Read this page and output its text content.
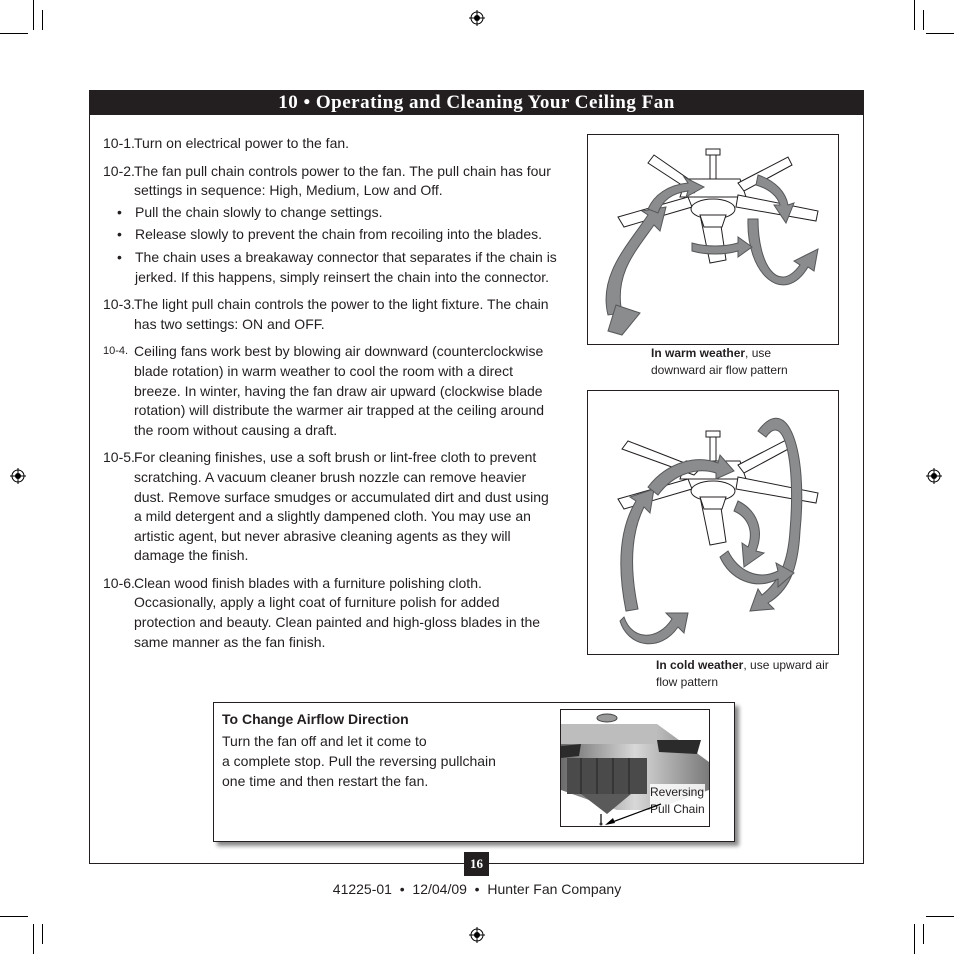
10 • Operating and Cleaning Your Ceiling Fan
10-1. Turn on electrical power to the fan.
10-2. The fan pull chain controls power to the fan. The pull chain has four settings in sequence: High, Medium, Low and Off.
• Pull the chain slowly to change settings.
• Release slowly to prevent the chain from recoiling into the blades.
• The chain uses a breakaway connector that separates if the chain is jerked. If this happens, simply reinsert the chain into the connector.
10-3. The light pull chain controls the power to the light fixture. The chain has two settings: ON and OFF.
10-4. Ceiling fans work best by blowing air downward (counterclockwise blade rotation) in warm weather to cool the room with a direct breeze. In winter, having the fan draw air upward (clockwise blade rotation) will distribute the warmer air trapped at the ceiling around the room without causing a draft.
10-5. For cleaning finishes, use a soft brush or lint-free cloth to prevent scratching. A vacuum cleaner brush nozzle can remove heavier dust. Remove surface smudges or accumulated dirt and dust using a mild detergent and a slightly dampened cloth. You may use an artistic agent, but never abrasive cleaning agents as they will damage the finish.
10-6. Clean wood finish blades with a furniture polishing cloth. Occasionally, apply a light coat of furniture polish for added protection and beauty. Clean painted and high-gloss blades in the same manner as the fan finish.
In warm weather, use downward air flow pattern
In cold weather, use upward air flow pattern
To Change Airflow Direction
Turn the fan off and let it come to
a complete stop. Pull the reversing pullchain
one time and then restart the fan.
Reversing
Pull Chain
16
41225-01  •  12/04/09  •  Hunter Fan Company
